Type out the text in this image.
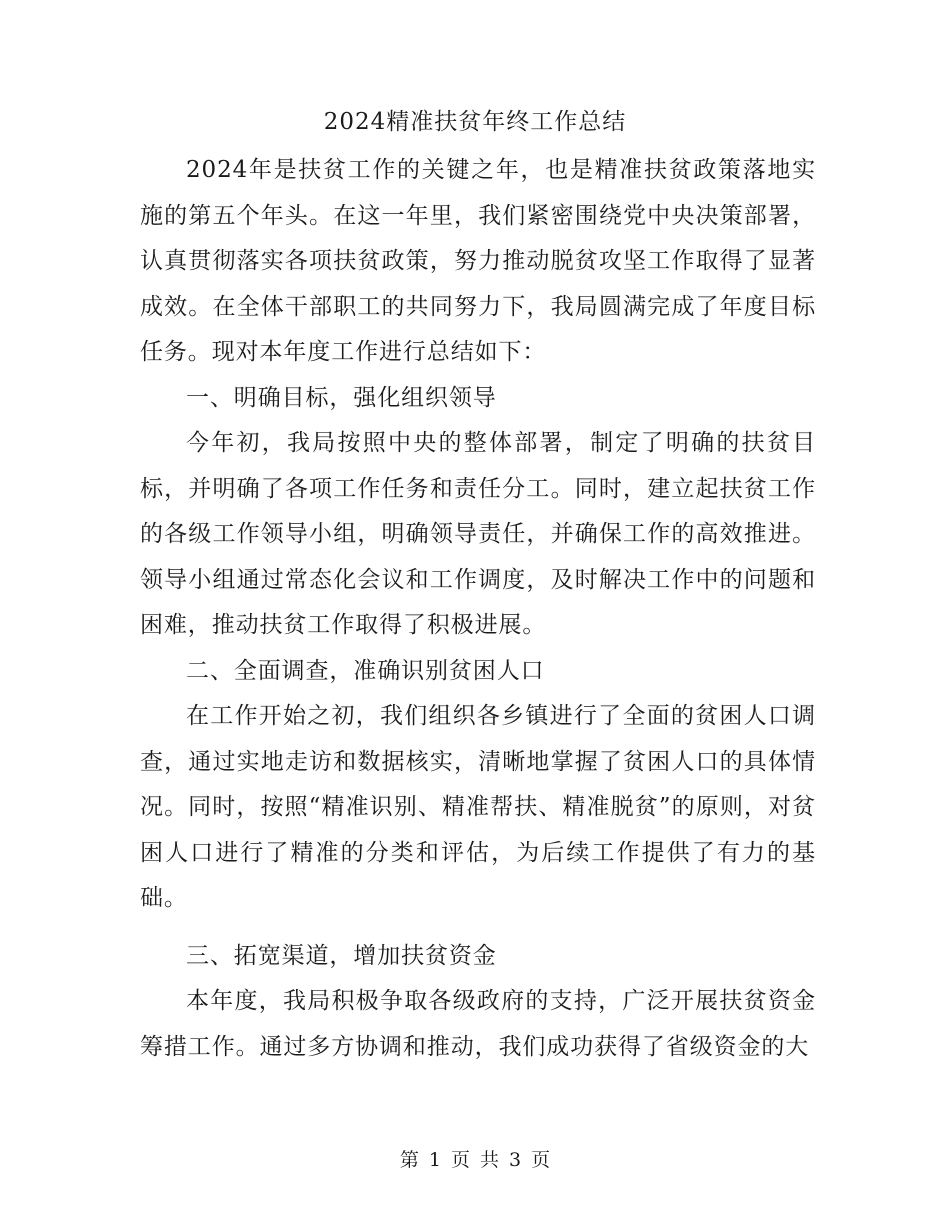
2024精准扶贫年终工作总结

2024年是扶贫工作的关键之年，也是精准扶贫政策落地实施的第五个年头。在这一年里，我们紧密围绕党中央决策部署，认真贯彻落实各项扶贫政策，努力推动脱贫攻坚工作取得了显著成效。在全体干部职工的共同努力下，我局圆满完成了年度目标任务。现对本年度工作进行总结如下：

一、明确目标，强化组织领导

今年初，我局按照中央的整体部署，制定了明确的扶贫目标，并明确了各项工作任务和责任分工。同时，建立起扶贫工作的各级工作领导小组，明确领导责任，并确保工作的高效推进。领导小组通过常态化会议和工作调度，及时解决工作中的问题和困难，推动扶贫工作取得了积极进展。

二、全面调查，准确识别贫困人口

在工作开始之初，我们组织各乡镇进行了全面的贫困人口调查，通过实地走访和数据核实，清晰地掌握了贫困人口的具体情况。同时，按照“精准识别、精准帮扶、精准脱贫”的原则，对贫困人口进行了精准的分类和评估，为后续工作提供了有力的基础。

三、拓宽渠道，增加扶贫资金

本年度，我局积极争取各级政府的支持，广泛开展扶贫资金筹措工作。通过多方协调和推动，我们成功获得了省级资金的大

第 1 页 共 3 页
